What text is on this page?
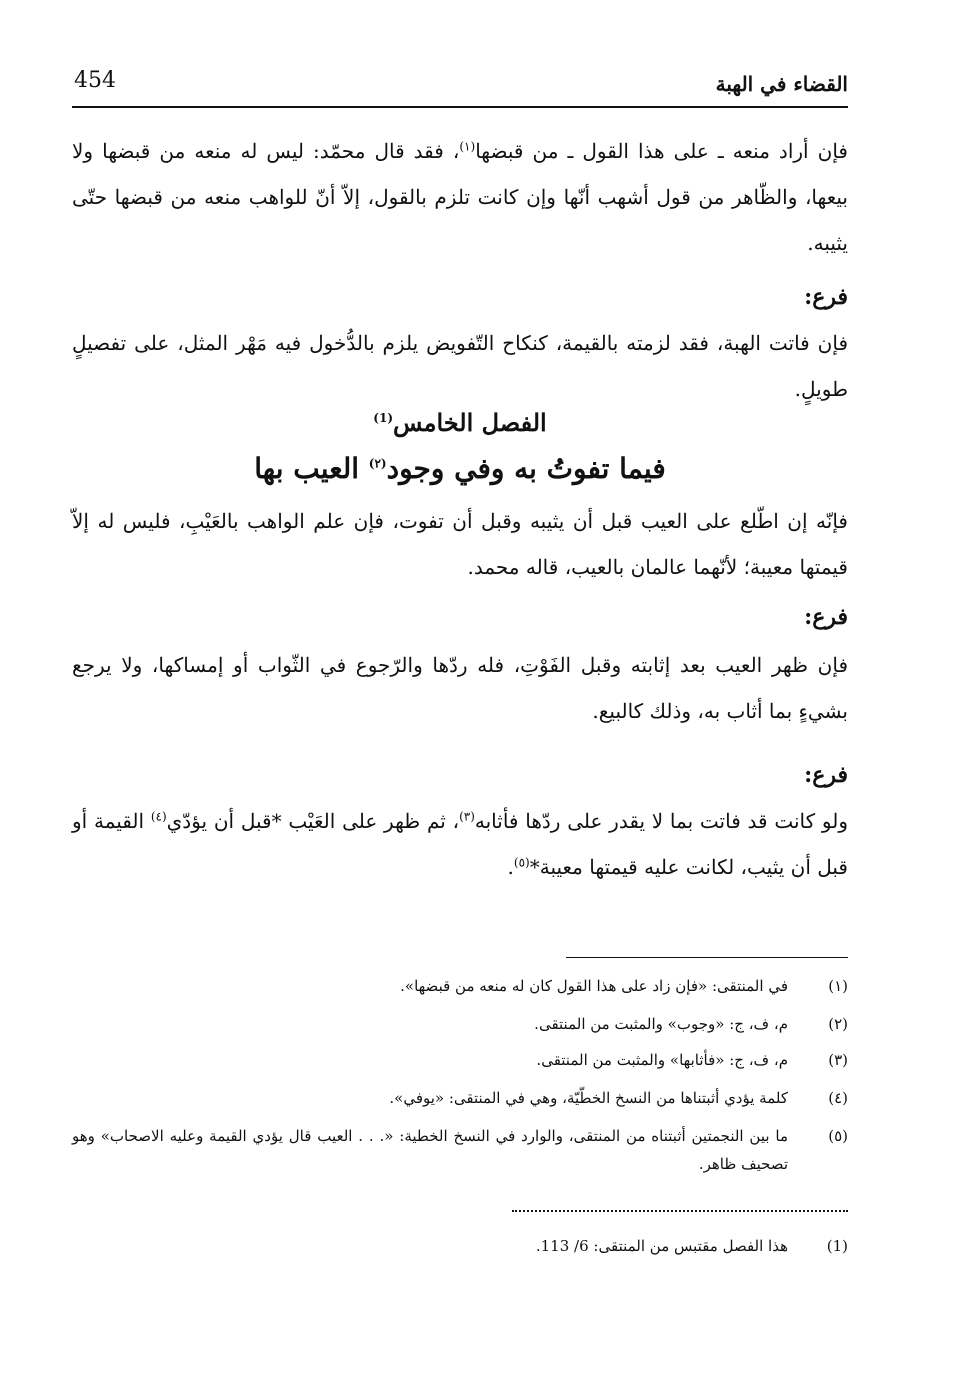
454	القضاء في الهبة
فإن أراد منعه ـ على هذا القول ـ من قبضها$^{(١)}$، فقد قال محمّد: ليس له منعه من قبضها ولا بيعها، والظّاهر من قول أشهب أنّها وإن كانت تلزم بالقول، إلاّ أنّ للواهب منعه من قبضها حتّى يثيبه.
فرع:
فإن فاتت الهبة، فقد لزمته بالقيمة، كنكاح التّفويض يلزم بالدُّخول فيه مَهْر المثل، على تفصيلٍ طويلٍ.
الفصل الخامس$^{(1)}$
فيما تفوتُ به وفي وجود$^{(٢)}$ العيب بها
فإنّه إن اطّلع على العيب قبل أن يثيبه وقبل أن تفوت، فإن علم الواهب بالعَيْبِ، فليس له إلاّ قيمتها معيبة؛ لأنّهما عالمان بالعيب، قاله محمد.
فرع:
فإن ظهر العيب بعد إثابته وقبل الفَوْتِ، فله ردّها والرّجوع في الثّواب أو إمساكها، ولا يرجع بشيءٍ بما أثاب به، وذلك كالبيع.
فرع:
ولو كانت قد فاتت بما لا يقدر على ردّها فأثابه$^{(٣)}$، ثم ظهر على العَيْب *قبل أن يؤدّي$^{(٤)}$ القيمة أو قبل أن يثيب، لكانت عليه قيمتها معيبة*$^{(٥)}$.
(١)
في المنتقى: «فإن زاد على هذا القول كان له منعه من قبضها».
(٢)
م، ف، ج: «وجوب» والمثبت من المنتقى.
(٣)
م، ف، ج: «فأثابها» والمثبت من المنتقى.
(٤)
كلمة يؤدي أثبتناها من النسخ الخطّيّة، وهي في المنتقى: «يوفي».
(٥)
ما بين النجمتين أثبتناه من المنتقى، والوارد في النسخ الخطية: «. . . العيب قال يؤدي القيمة وعليه الاصحاب» وهو تصحيف ظاهر.
(1)
هذا الفصل مقتبس من المنتقى: 6/ 113.
